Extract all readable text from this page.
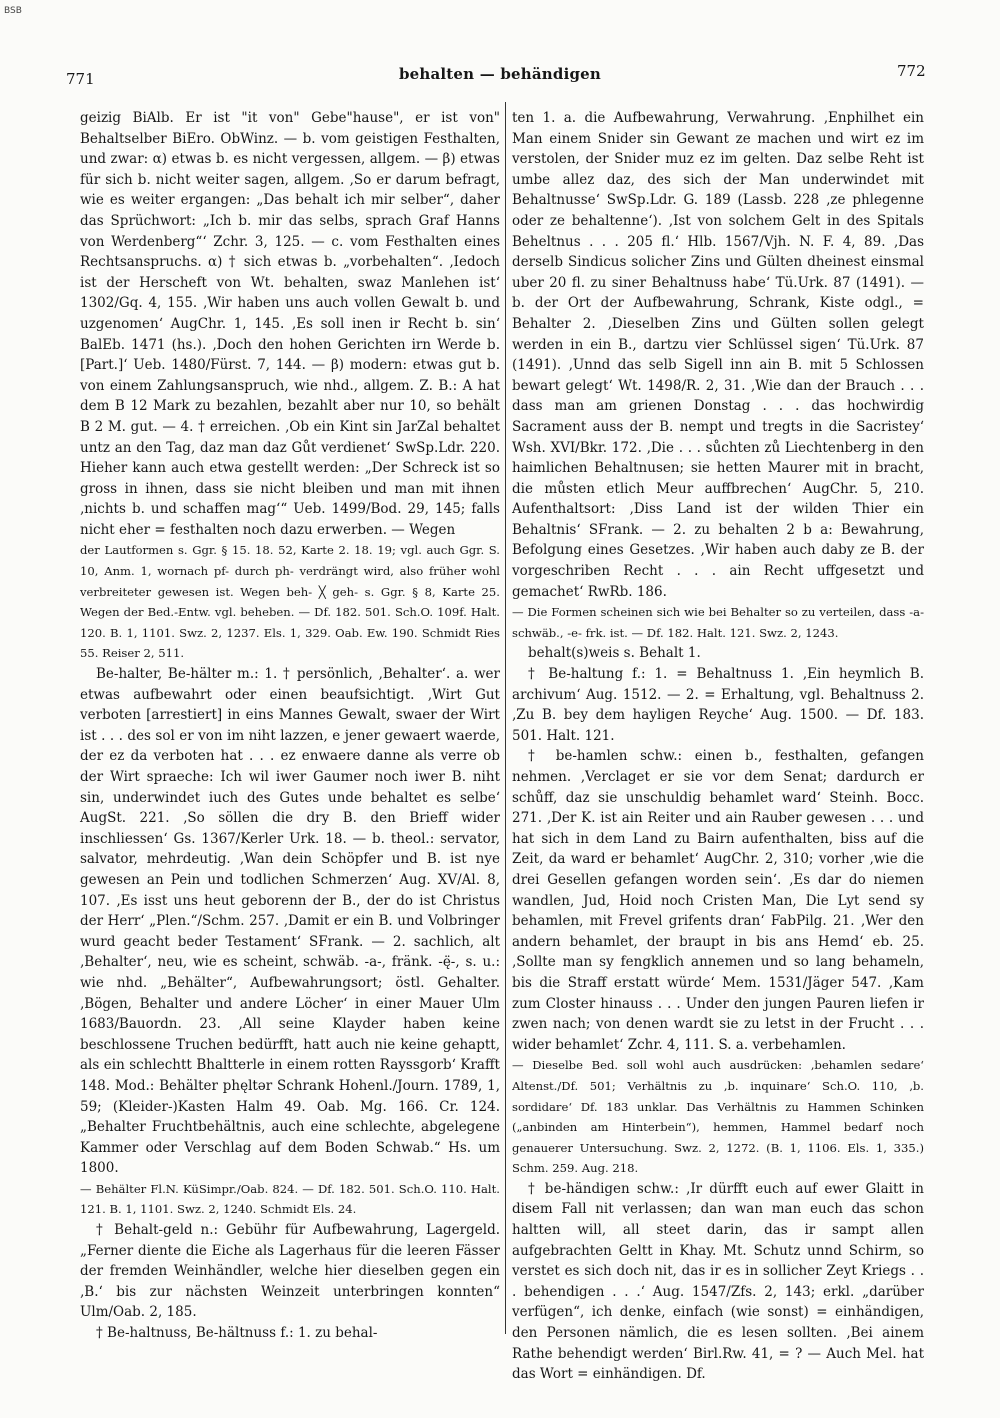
BSB
771	behalten — behändigen	772

geizig BiAlb. Er ist "it von" Gebe"hause", er ist von" Behaltselber BiEro. ObWinz. — b. vom geistigen Festhalten, und zwar: α) etwas b. es nicht vergessen, allgem. — β) etwas für sich b. nicht weiter sagen, allgem. ‚So er darum befragt, wie es weiter ergangen: „Das behalt ich mir selber“, daher das Sprüchwort: „Ich b. mir das selbs, sprach Graf Hanns von Werdenberg“‘ Zchr. 3, 125. — c. vom Festhalten eines Rechtsanspruchs. α) † sich etwas b. „vorbehalten“. ‚Iedoch ist der Herscheft von Wt. behalten, swaz Manlehen ist‘ 1302/Gq. 4, 155. ‚Wir haben uns auch vollen Gewalt b. und uzgenomen‘ AugChr. 1, 145. ‚Es soll inen ir Recht b. sin‘ BalEb. 1471 (hs.). ‚Doch den hohen Gerichten irn Werde b. [Part.]‘ Ueb. 1480/Fürst. 7, 144. — β) modern: etwas gut b. von einem Zahlungsanspruch, wie nhd., allgem. Z. B.: A hat dem B 12 Mark zu bezahlen, bezahlt aber nur 10, so behält B 2 M. gut. — 4. † erreichen. ‚Ob ein Kint sin JarZal behaltet untz an den Tag, daz man daz Gůt verdienet‘ SwSp.Ldr. 220. Hieher kann auch etwa gestellt werden: „Der Schreck ist so gross in ihnen, dass sie nicht bleiben und man mit ihnen ‚nichts b. und schaffen mag‘“ Ueb. 1499/Bod. 29, 145; falls nicht eher = festhalten noch dazu erwerben. — Wegen

der Lautformen s. Ggr. § 15. 18. 52, Karte 2. 18. 19; vgl. auch Ggr. S. 10, Anm. 1, wornach pf- durch ph- verdrängt wird, also früher wohl verbreiteter gewesen ist. Wegen beh- ╳ geh- s. Ggr. § 8, Karte 25. Wegen der Bed.-Entw. vgl. beheben. — Df. 182. 501. Sch.O. 109f. Halt. 120. B. 1, 1101. Swz. 2, 1237. Els. 1, 329. Oab. Ew. 190. Schmidt Ries 55. Reiser 2, 511.

Be-halter, Be-hälter m.: 1. † persönlich, ‚Behalter‘. a. wer etwas aufbewahrt oder einen beaufsichtigt. ‚Wirt Gut verboten [arrestiert] in eins Mannes Gewalt, swaer der Wirt ist . . . des sol er von im niht lazzen, e jener gewaert waerde, der ez da verboten hat . . . ez enwaere danne als verre ob der Wirt spraeche: Ich wil iwer Gaumer noch iwer B. niht sin, underwindet iuch des Gutes unde behaltet es selbe‘ AugSt. 221. ‚So söllen die dry B. den Brieff wider inschliessen‘ Gs. 1367/Kerler Urk. 18. — b. theol.: servator, salvator, mehrdeutig. ‚Wan dein Schöpfer und B. ist nye gewesen an Pein und todlichen Schmerzen‘ Aug. XV/Al. 8, 107. ‚Es isst uns heut geborenn der B., der do ist Christus der Herr‘ „Plen.“/Schm. 257. ‚Damit er ein B. und Volbringer wurd geacht beder Testament‘ SFrank. — 2. sachlich, alt ‚Behalter‘, neu, wie es scheint, schwäb. -a-, fränk. -ę̈-, s. u.: wie nhd. „Behälter“, Aufbewahrungsort; östl. Gehalter. ‚Bögen, Behalter und andere Löcher‘ in einer Mauer Ulm 1683/Bauordn. 23. ‚All seine Klayder haben keine beschlossene Truchen bedürfft, hatt auch nie keine gehaptt, als ein schlechtt Bhaltterle in einem rotten Rayssgorb‘ Krafft 148. Mod.: Behälter phęltər Schrank Hohenl./Journ. 1789, 1, 59; (Kleider-)Kasten Halm 49. Oab. Mg. 166. Cr. 124. „Behalter Fruchtbehältnis, auch eine schlechte, abgelegene Kammer oder Verschlag auf dem Boden Schwab.“ Hs. um 1800.

— Behälter Fl.N. KüSimpr./Oab. 824. — Df. 182. 501. Sch.O. 110. Halt. 121. B. 1, 1101. Swz. 2, 1240. Schmidt Els. 24.

† Behalt-geld n.: Gebühr für Aufbewahrung, Lagergeld. „Ferner diente die Eiche als Lagerhaus für die leeren Fässer der fremden Weinhändler, welche hier dieselben gegen ein ‚B.‘ bis zur nächsten Weinzeit unterbringen konnten“ Ulm/Oab. 2, 185.

† Be-haltnuss, Be-hältnuss f.: 1. zu behal-

ten 1. a. die Aufbewahrung, Verwahrung. ‚Enphilhet ein Man einem Snider sin Gewant ze machen und wirt ez im verstolen, der Snider muz ez im gelten. Daz selbe Reht ist umbe allez daz, des sich der Man underwindet mit Behaltnusse‘ SwSp.Ldr. G. 189 (Lassb. 228 ‚ze phlegenne oder ze behaltenne‘). ‚Ist von solchem Gelt in des Spitals Beheltnus . . . 205 fl.‘ Hlb. 1567/Vjh. N. F. 4, 89. ‚Das derselb Sindicus solicher Zins und Gülten dheinest einsmal uber 20 fl. zu siner Behaltnuss habe‘ Tü.Urk. 87 (1491). — b. der Ort der Aufbewahrung, Schrank, Kiste odgl., = Behalter 2. ‚Dieselben Zins und Gülten sollen gelegt werden in ein B., dartzu vier Schlüssel sigen‘ Tü.Urk. 87 (1491). ‚Unnd das selb Sigell inn ain B. mit 5 Schlossen bewart gelegt‘ Wt. 1498/R. 2, 31. ‚Wie dan der Brauch . . . dass man am grienen Donstag . . . das hochwirdig Sacrament auss der B. nempt und tregts in die Sacristey‘ Wsh. XVI/Bkr. 172. ‚Die . . . sůchten zů Liechtenberg in den haimlichen Behaltnusen; sie hetten Maurer mit in bracht, die můsten etlich Meur auffbrechen‘ AugChr. 5, 210. Aufenthaltsort: ‚Diss Land ist der wilden Thier ein Behaltnis‘ SFrank. — 2. zu behalten 2 b a: Bewahrung, Befolgung eines Gesetzes. ‚Wir haben auch daby ze B. der vorgeschriben Recht . . . ain Recht uffgesetzt und gemachet‘ RwRb. 186.

— Die Formen scheinen sich wie bei Behalter so zu verteilen, dass -a- schwäb., -e- frk. ist. — Df. 182. Halt. 121. Swz. 2, 1243.

behalt(s)weis s. Behalt 1.

† Be-haltung f.: 1. = Behaltnuss 1. ‚Ein heymlich B. archivum‘ Aug. 1512. — 2. = Erhaltung, vgl. Behaltnuss 2. ‚Zu B. bey dem hayligen Reyche‘ Aug. 1500. — Df. 183. 501. Halt. 121.

† be-hamlen schw.: einen b., festhalten, gefangen nehmen. ‚Verclaget er sie vor dem Senat; dardurch er schůff, daz sie unschuldig behamlet ward‘ Steinh. Bocc. 271. ‚Der K. ist ain Reiter und ain Rauber gewesen . . . und hat sich in dem Land zu Bairn aufenthalten, biss auf die Zeit, da ward er behamlet‘ AugChr. 2, 310; vorher ‚wie die drei Gesellen gefangen worden sein‘. ‚Es dar do niemen wandlen, Jud, Hoid noch Cristen Man, Die Lyt send sy behamlen, mit Frevel grifents dran‘ FabPilg. 21. ‚Wer den andern behamlet, der braupt in bis ans Hemd‘ eb. 25. ‚Sollte man sy fengklich annemen und so lang behameln, bis die Straff erstatt würde‘ Mem. 1531/Jäger 547. ‚Kam zum Closter hinauss . . . Under den jungen Pauren liefen ir zwen nach; von denen wardt sie zu letst in der Frucht . . . wider behamlet‘ Zchr. 4, 111. S. a. verbehamlen.

— Dieselbe Bed. soll wohl auch ausdrücken: ‚behamlen sedare‘ Altenst./Df. 501; Verhältnis zu ‚b. inquinare‘ Sch.O. 110, ‚b. sordidare‘ Df. 183 unklar. Das Verhältnis zu Hammen Schinken („anbinden am Hinterbein“), hemmen, Hammel bedarf noch genauerer Untersuchung. Swz. 2, 1272. (B. 1, 1106. Els. 1, 335.) Schm. 259. Aug. 218.

† be-händigen schw.: ‚Ir dürfft euch auf ewer Glaitt in disem Fall nit verlassen; dan wan man euch das schon haltten will, all steet darin, das ir sampt allen aufgebrachten Geltt in Khay. Mt. Schutz unnd Schirm, so verstet es sich doch nit, das ir es in sollicher Zeyt Kriegs . . . behendigen . . .‘ Aug. 1547/Zfs. 2, 143; erkl. „darüber verfügen“, ich denke, einfach (wie sonst) = einhändigen, den Personen nämlich, die es lesen sollten. ‚Bei ainem Rathe behendigt werden‘ Birl.Rw. 41, = ? — Auch Mel. hat das Wort = einhändigen. Df.
